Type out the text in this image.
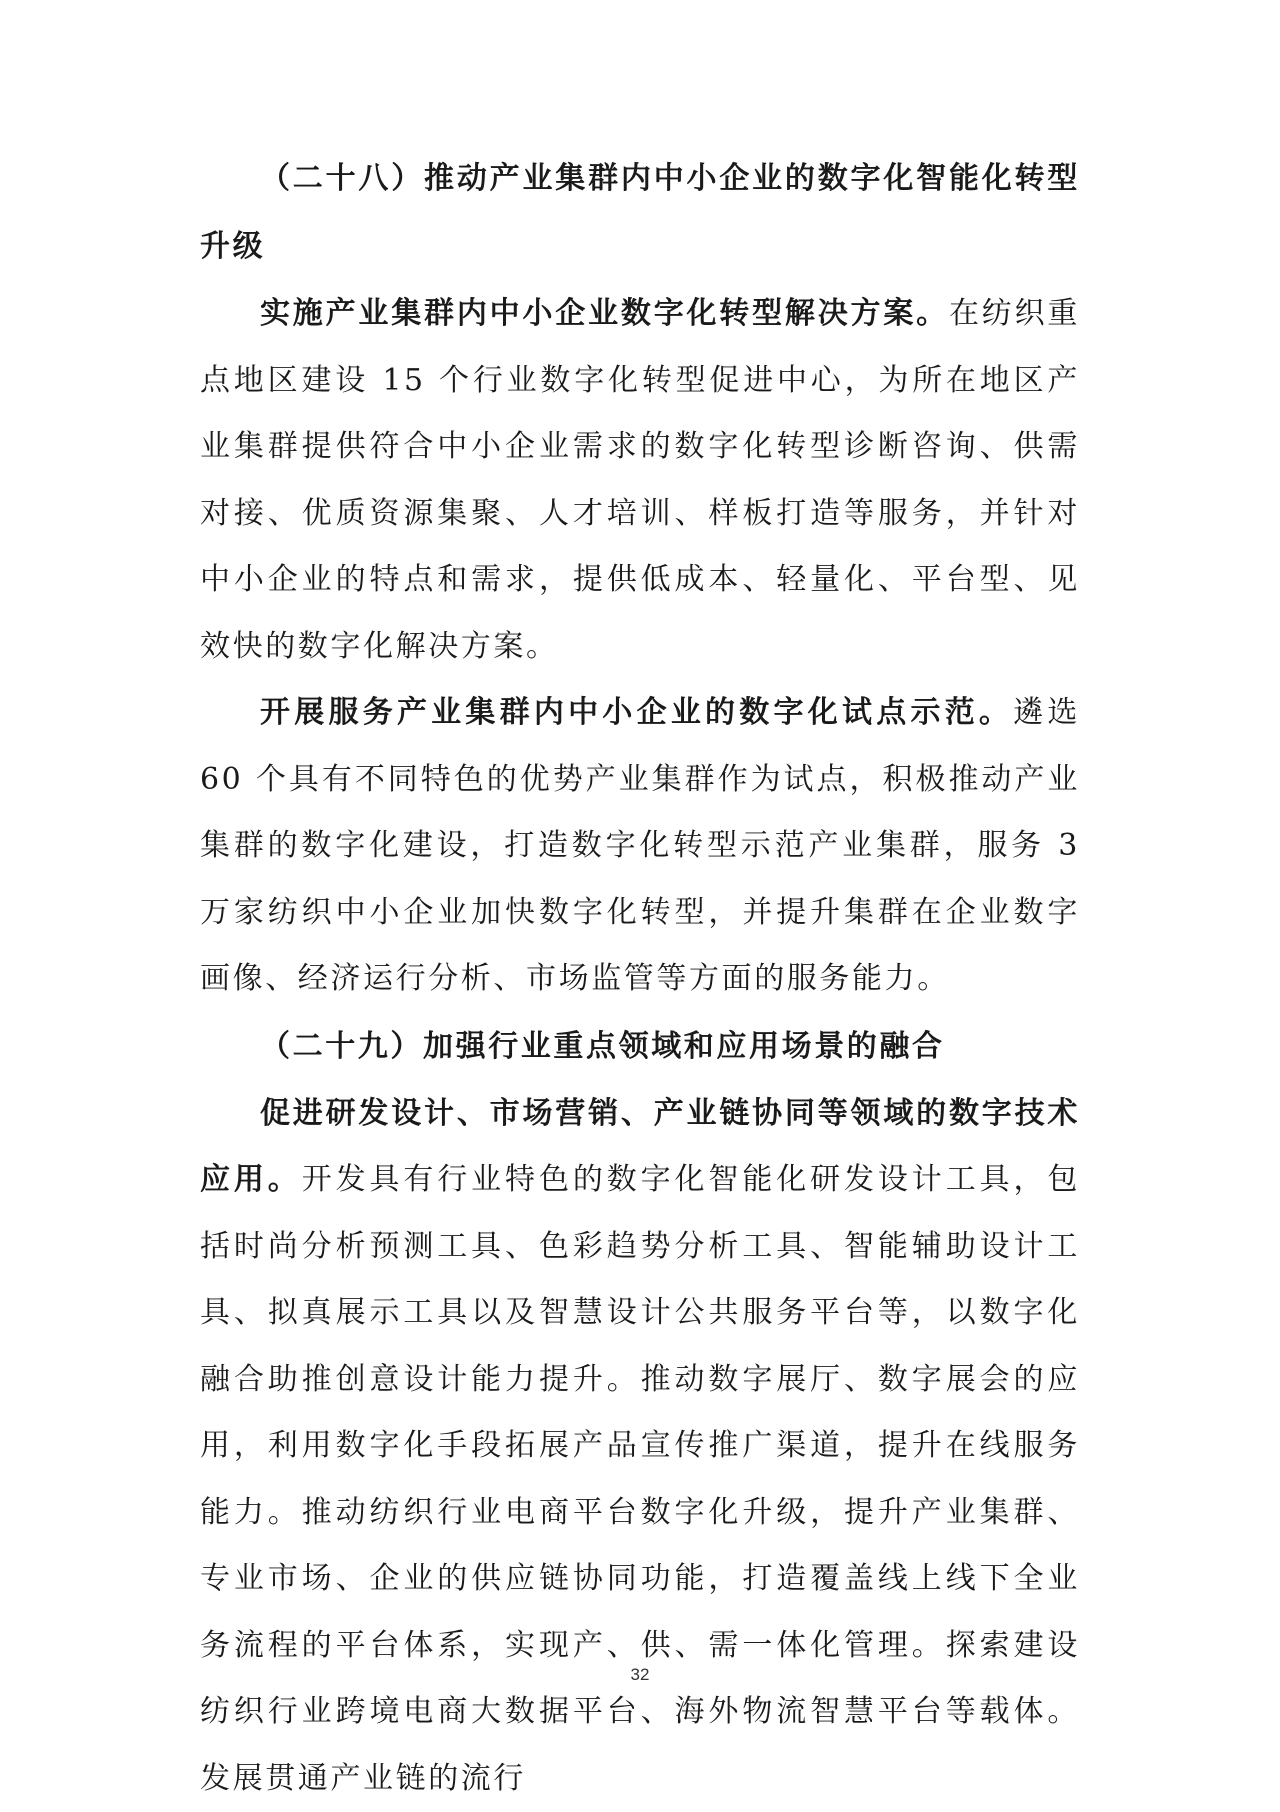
（二十八）推动产业集群内中小企业的数字化智能化转型升级

实施产业集群内中小企业数字化转型解决方案。在纺织重点地区建设 15 个行业数字化转型促进中心，为所在地区产业集群提供符合中小企业需求的数字化转型诊断咨询、供需对接、优质资源集聚、人才培训、样板打造等服务，并针对中小企业的特点和需求，提供低成本、轻量化、平台型、见效快的数字化解决方案。

开展服务产业集群内中小企业的数字化试点示范。遴选 60 个具有不同特色的优势产业集群作为试点，积极推动产业集群的数字化建设，打造数字化转型示范产业集群，服务 3 万家纺织中小企业加快数字化转型，并提升集群在企业数字画像、经济运行分析、市场监管等方面的服务能力。

（二十九）加强行业重点领域和应用场景的融合

促进研发设计、市场营销、产业链协同等领域的数字技术应用。开发具有行业特色的数字化智能化研发设计工具，包括时尚分析预测工具、色彩趋势分析工具、智能辅助设计工具、拟真展示工具以及智慧设计公共服务平台等，以数字化融合助推创意设计能力提升。推动数字展厅、数字展会的应用，利用数字化手段拓展产品宣传推广渠道，提升在线服务能力。推动纺织行业电商平台数字化升级，提升产业集群、专业市场、企业的供应链协同功能，打造覆盖线上线下全业务流程的平台体系，实现产、供、需一体化管理。探索建设纺织行业跨境电商大数据平台、海外物流智慧平台等载体。发展贯通产业链的流行

32
